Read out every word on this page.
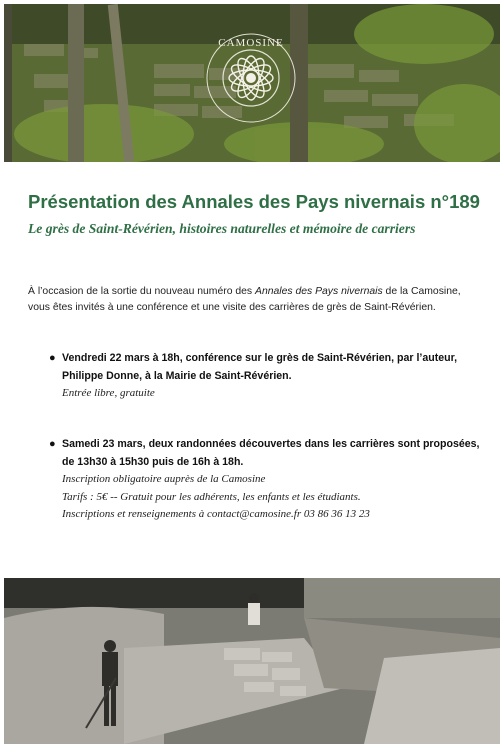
CAMOSINE
Présentation des Annales des Pays nivernais n°189
Le grès de Saint-Révérien, histoires naturelles et mémoire de carriers
À l’occasion de la sortie du nouveau numéro des Annales des Pays nivernais de la Camosine, vous êtes invités à une conférence et une visite des carrières de grès de Saint-Révérien.
● Vendredi 22 mars à 18h, conférence sur le grès de Saint-Révérien, par l’auteur,
Philippe Donne, à la Mairie de Saint-Révérien.
Entrée libre, gratuite
● Samedi 23 mars, deux randonnées découvertes dans les carrières sont proposées,
de 13h30 à 15h30 puis de 16h à 18h.
Inscription obligatoire auprès de la Camosine
Tarifs : 5€ -- Gratuit pour les adhérents, les enfants et les étudiants.
Inscriptions et renseignements à contact@camosine.fr 03 86 36 13 23
